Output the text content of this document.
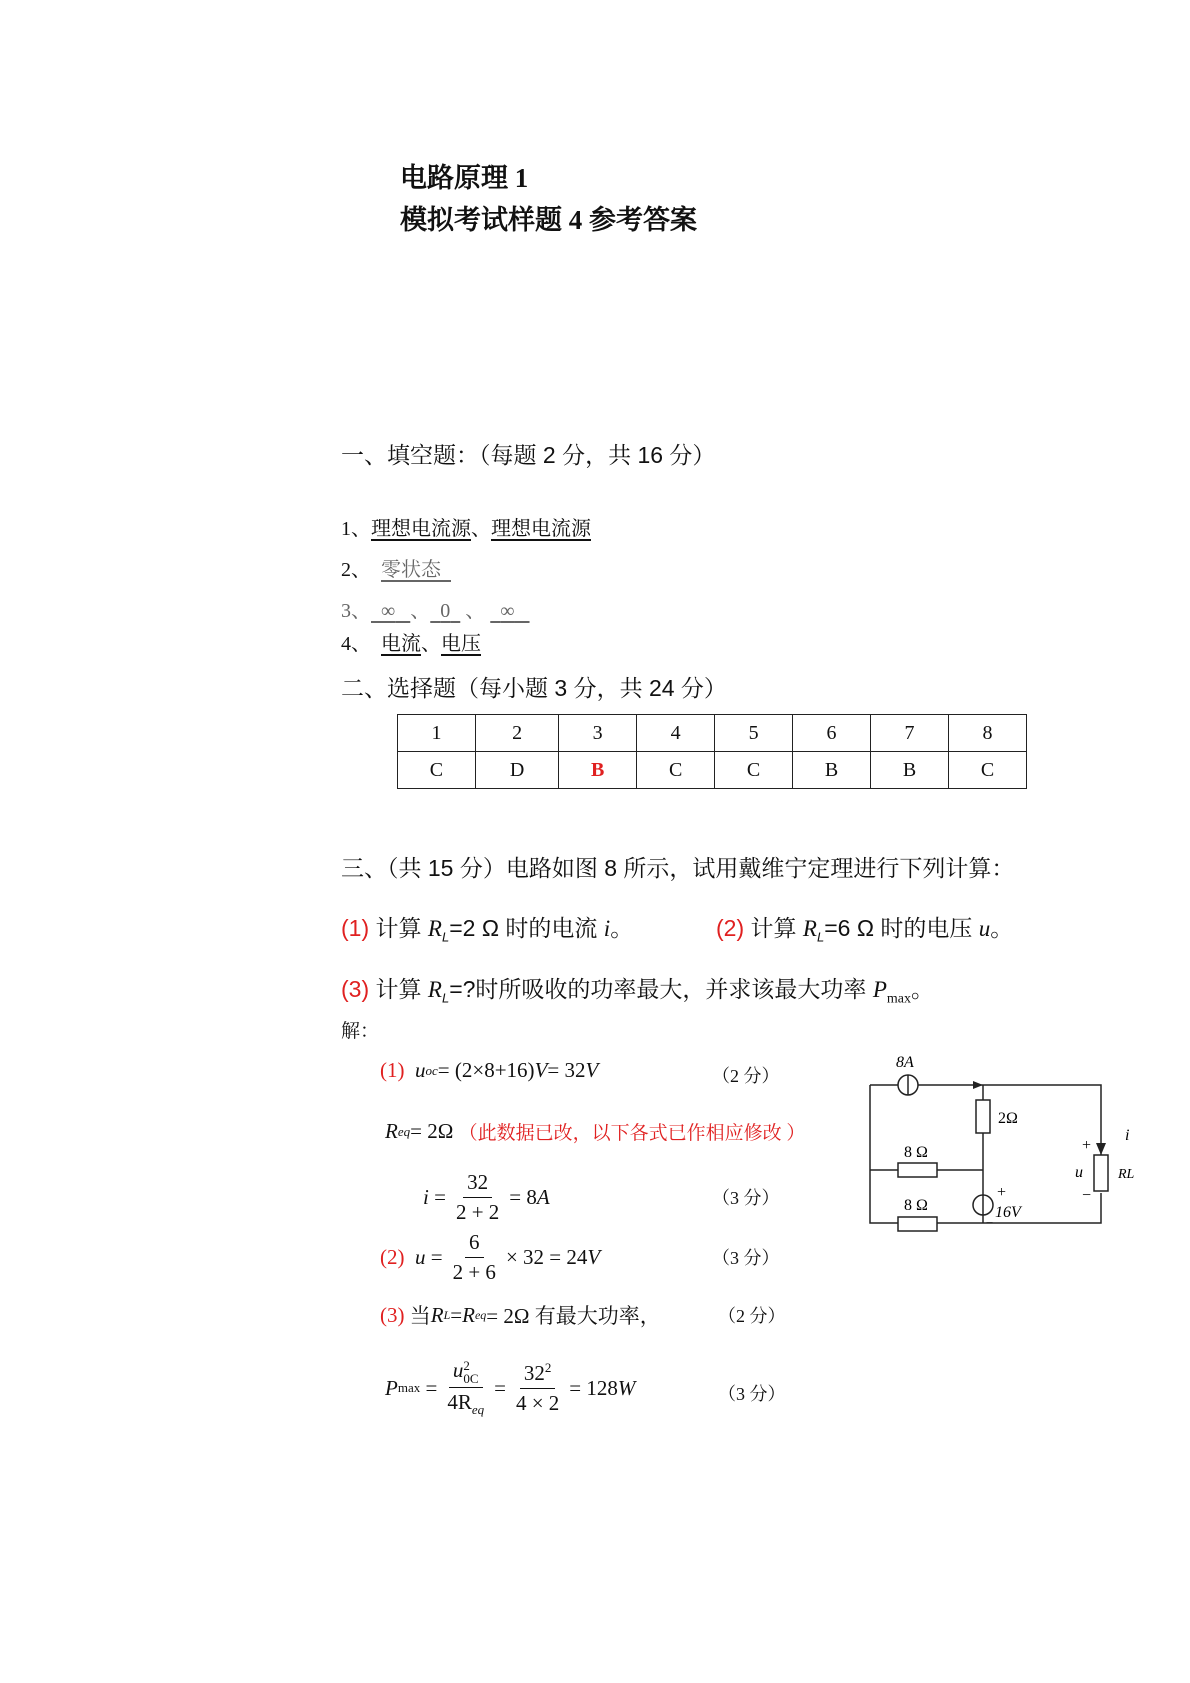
电路原理 1
模拟考试样题 4 参考答案
一、填空题：（每题 2 分，共 16 分）
1、理想电流源、理想电流源
2、 零状态
3、 ∞ 、 0 、 ∞
4、 电流、电压
二、选择题（每小题 3 分，共 24 分）
1	2	3	4	5	6	7	8
C	D	B	C	C	B	B	C
三、（共 15 分）电路如图 8 所示，试用戴维宁定理进行下列计算：
(1) 计算 $R_L=2$ Ω 时的电流 i。	(2) 计算 $R_L=6$ Ω 时的电压 u。
(3) 计算 $R_L=$?时所吸收的功率最大，并求该最大功率 $P_{max}$。
解：
(1)
u oc = (2×8+16) V = 32 V	（2 分）
R eq = 2Ω
（此数据已改，以下各式已作相应修改 ）
$i = \frac{32}{2 + 2} = 8$ A	（3 分）
(2)
$u = \frac{6}{2 + 6} \times 32 = 24$ V	（3 分）
(3)
当 R L = R eq = 2Ω 有最大功率，	（2 分）
P max = u 2
0C
$4R_{eq} = \frac{32^2}{4 \times 2} = 128$ W	（3 分）
8A
2Ω
8 Ω
8 Ω
+
16V
−
+
i
u
−
RL
